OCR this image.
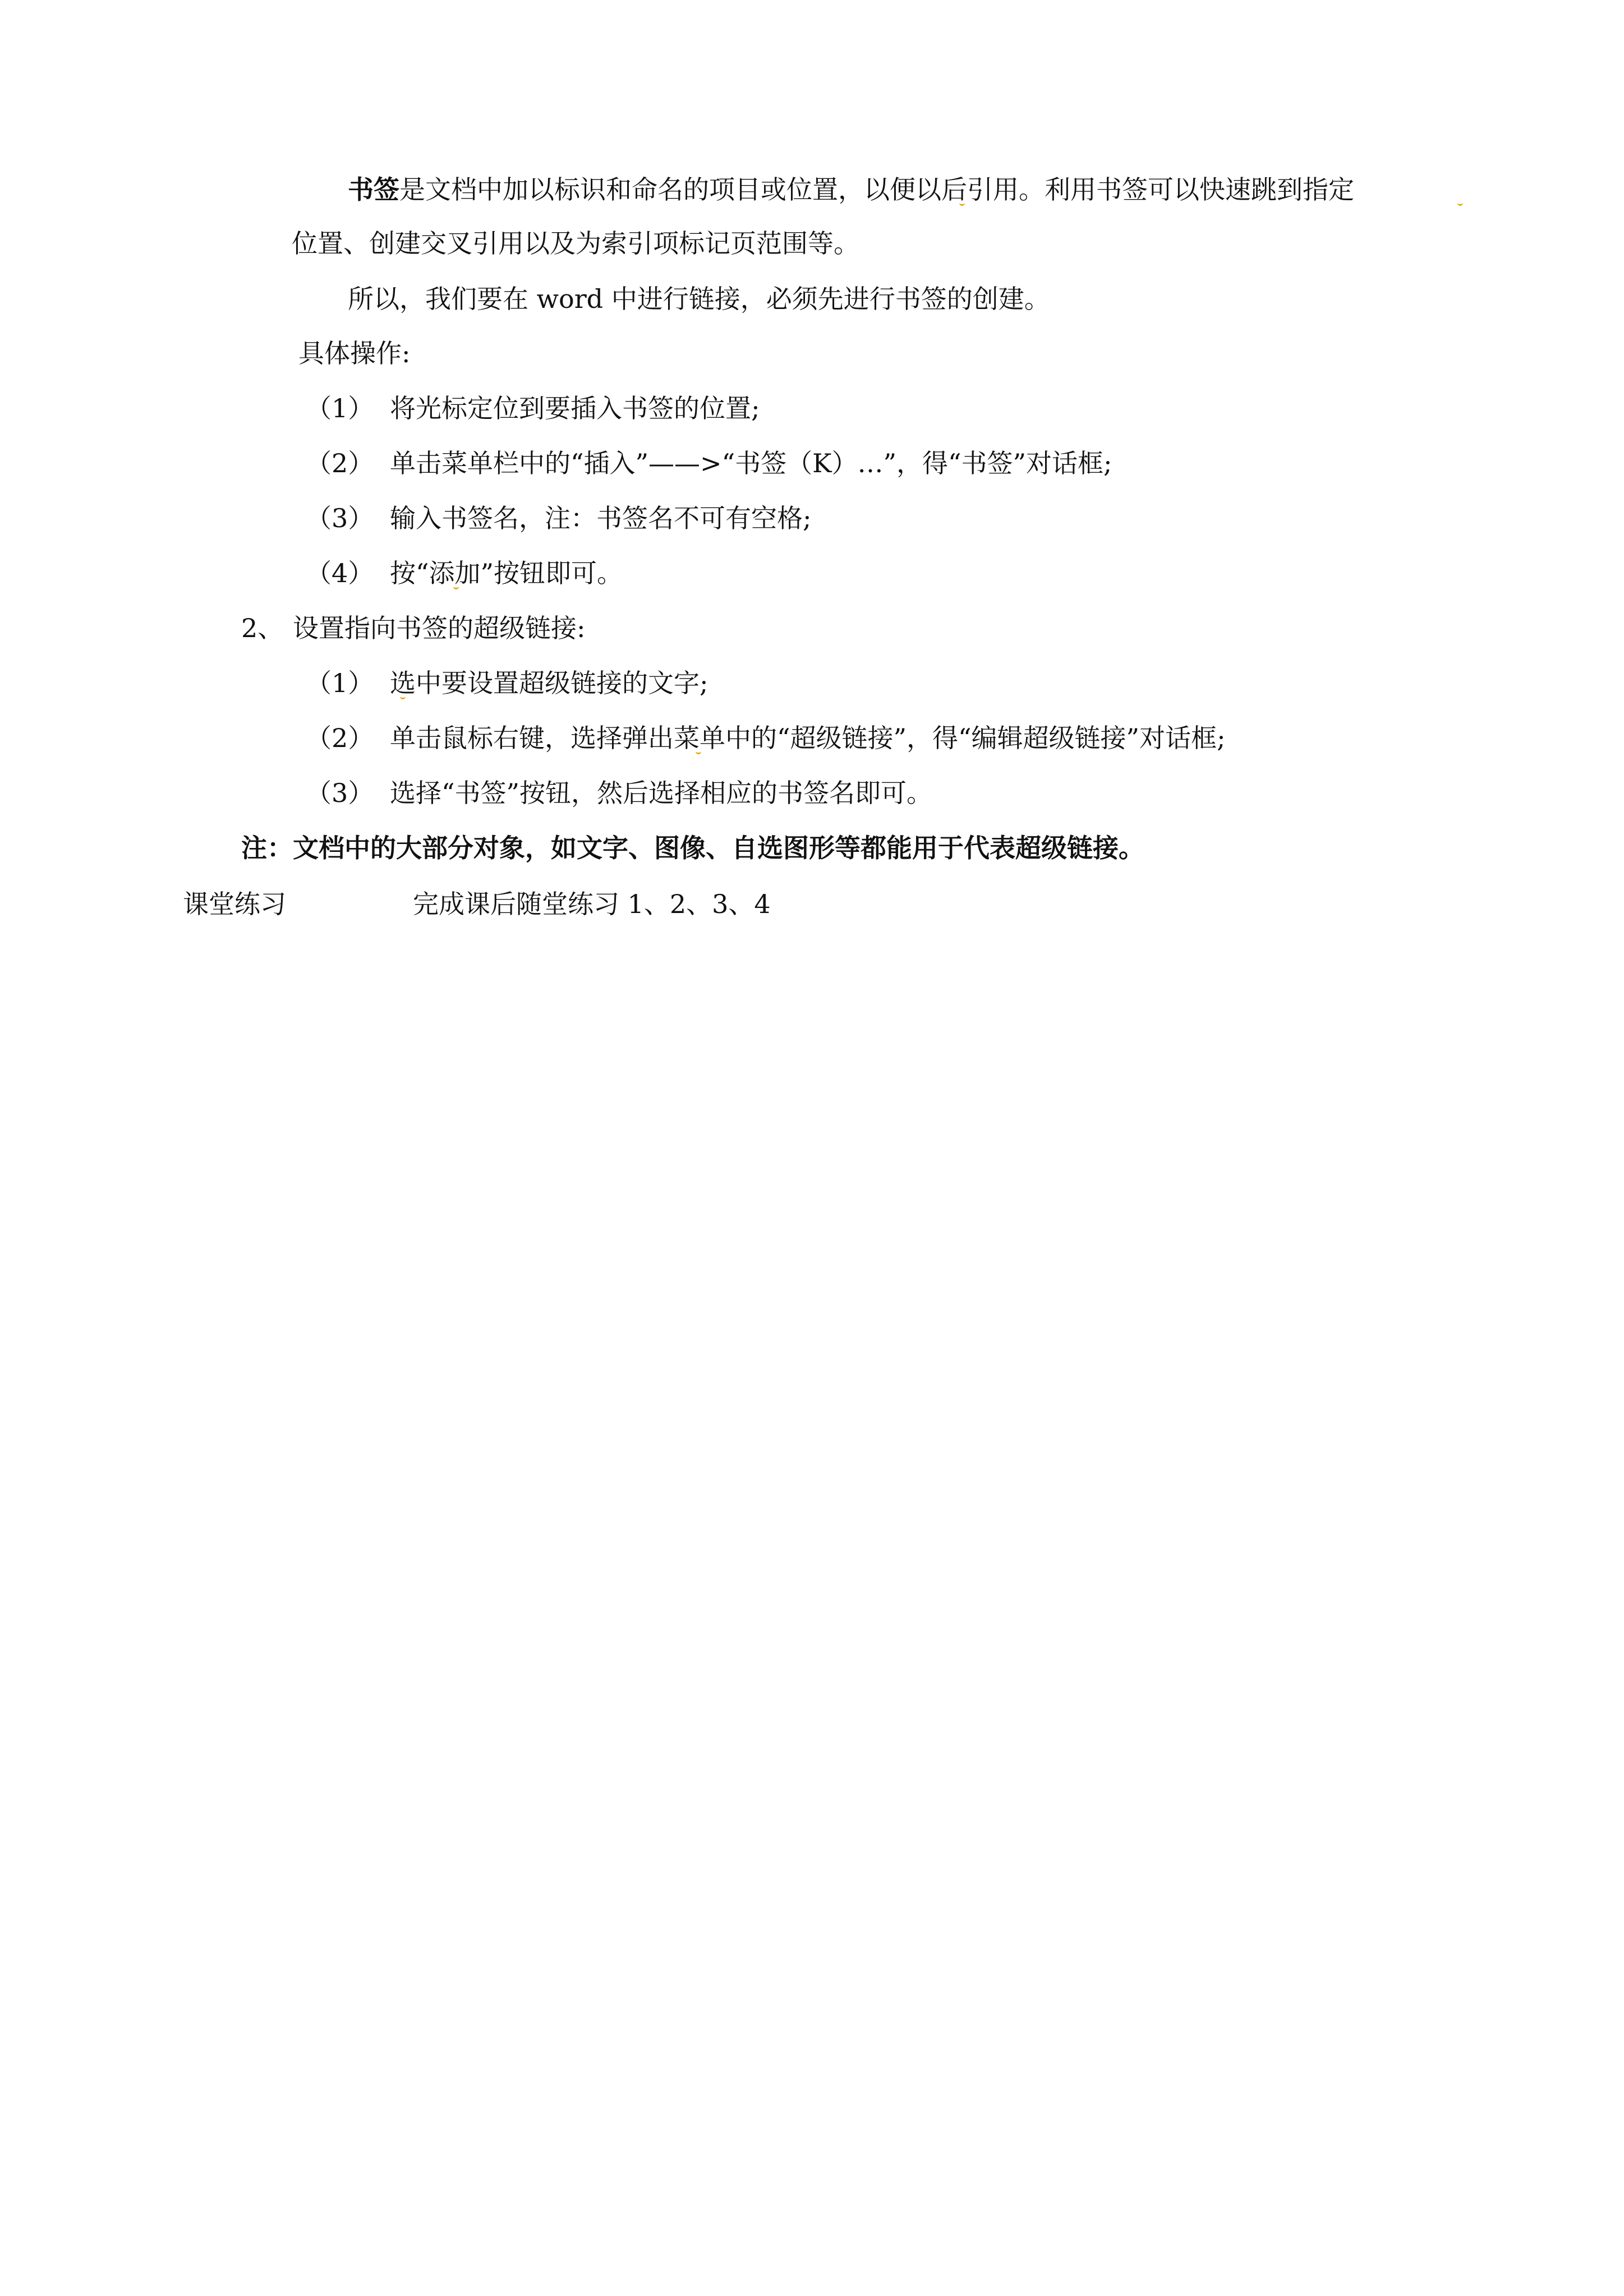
书签是文档中加以标识和命名的项目或位置，以便以后引用。利用书签可以快速跳到指定
位置、创建交叉引用以及为索引项标记页范围等。
所以，我们要在 word 中进行链接，必须先进行书签的创建。
具体操作:
（1） 将光标定位到要插入书签的位置;
（2） 单击菜单栏中的“插入”——>“书签（K）…”，得“书签”对话框;
（3） 输入书签名，注：书签名不可有空格;
（4） 按“添加”按钮即可。
2、 设置指向书签的超级链接:
（1） 选中要设置超级链接的文字;
（2） 单击鼠标右键，选择弹出菜单中的“超级链接”，得“编辑超级链接”对话框;
（3） 选择“书签”按钮，然后选择相应的书签名即可。
注：文档中的大部分对象，如文字、图像、自选图形等都能用于代表超级链接。
课堂练习	完成课后随堂练习 1、2、3、4
